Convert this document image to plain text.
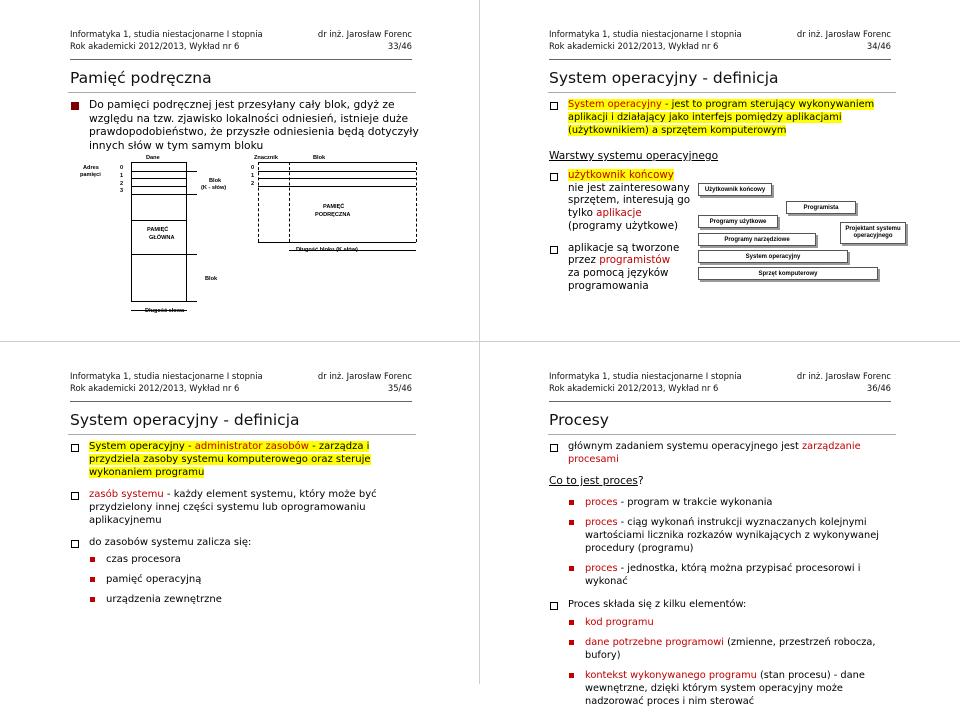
Informatyka 1, studia niestacjonarne I stopnia	dr inż. Jarosław Forenc
Rok akademicki 2012/2013, Wykład nr 6	33/46
Pamięć podręczna
Do pamięci podręcznej jest przesyłany cały blok, gdyż ze względu na tzw. zjawisko lokalności odniesień, istnieje duże prawdopodobieństwo, że przyszłe odniesienia będą dotyczyły innych słów w tym samym bloku
Dane
Adres
pamięci
0
1
2
3
PAMIĘĆ
GŁÓWNA
Blok
(K - słów)
Blok
Długość słowa
Znacznik	Blok
0
1
2
PAMIĘĆ
PODRĘCZNA
Długość bloku (K słów)
Informatyka 1, studia niestacjonarne I stopnia	dr inż. Jarosław Forenc
Rok akademicki 2012/2013, Wykład nr 6	34/46
System operacyjny - definicja
System operacyjny - jest to program sterujący wykonywaniem aplikacji i działający jako interfejs pomiędzy aplikacjami (użytkownikiem) a sprzętem komputerowym
Warstwy systemu operacyjnego
użytkownik końcowy
nie jest zainteresowany
sprzętem, interesują go
tylko aplikacje
(programy użytkowe)
aplikacje są tworzone
przez programistów
za pomocą języków
programowania
Użytkownik końcowy
Programista
Programy użytkowe
Projektant systemu
operacyjnego
Programy narzędziowe
System operacyjny
Sprzęt komputerowy
Informatyka 1, studia niestacjonarne I stopnia	dr inż. Jarosław Forenc
Rok akademicki 2012/2013, Wykład nr 6	35/46
System operacyjny - definicja
System operacyjny - administrator zasobów - zarządza i przydziela zasoby systemu komputerowego oraz steruje wykonaniem programu
zasób systemu - każdy element systemu, który może być przydzielony innej części systemu lub oprogramowaniu aplikacyjnemu
do zasobów systemu zalicza się:
czas procesora
pamięć operacyjną
urządzenia zewnętrzne
Informatyka 1, studia niestacjonarne I stopnia	dr inż. Jarosław Forenc
Rok akademicki 2012/2013, Wykład nr 6	36/46
Procesy
głównym zadaniem systemu operacyjnego jest zarządzanie procesami
Co to jest proces?
proces - program w trakcie wykonania
proces - ciąg wykonań instrukcji wyznaczanych kolejnymi wartościami licznika rozkazów wynikających z wykonywanej procedury (programu)
proces - jednostka, którą można przypisać procesorowi i wykonać
Proces składa się z kilku elementów:
kod programu
dane potrzebne programowi (zmienne, przestrzeń robocza, bufory)
kontekst wykonywanego programu (stan procesu) - dane wewnętrzne, dzięki którym system operacyjny może nadzorować proces i nim sterować
